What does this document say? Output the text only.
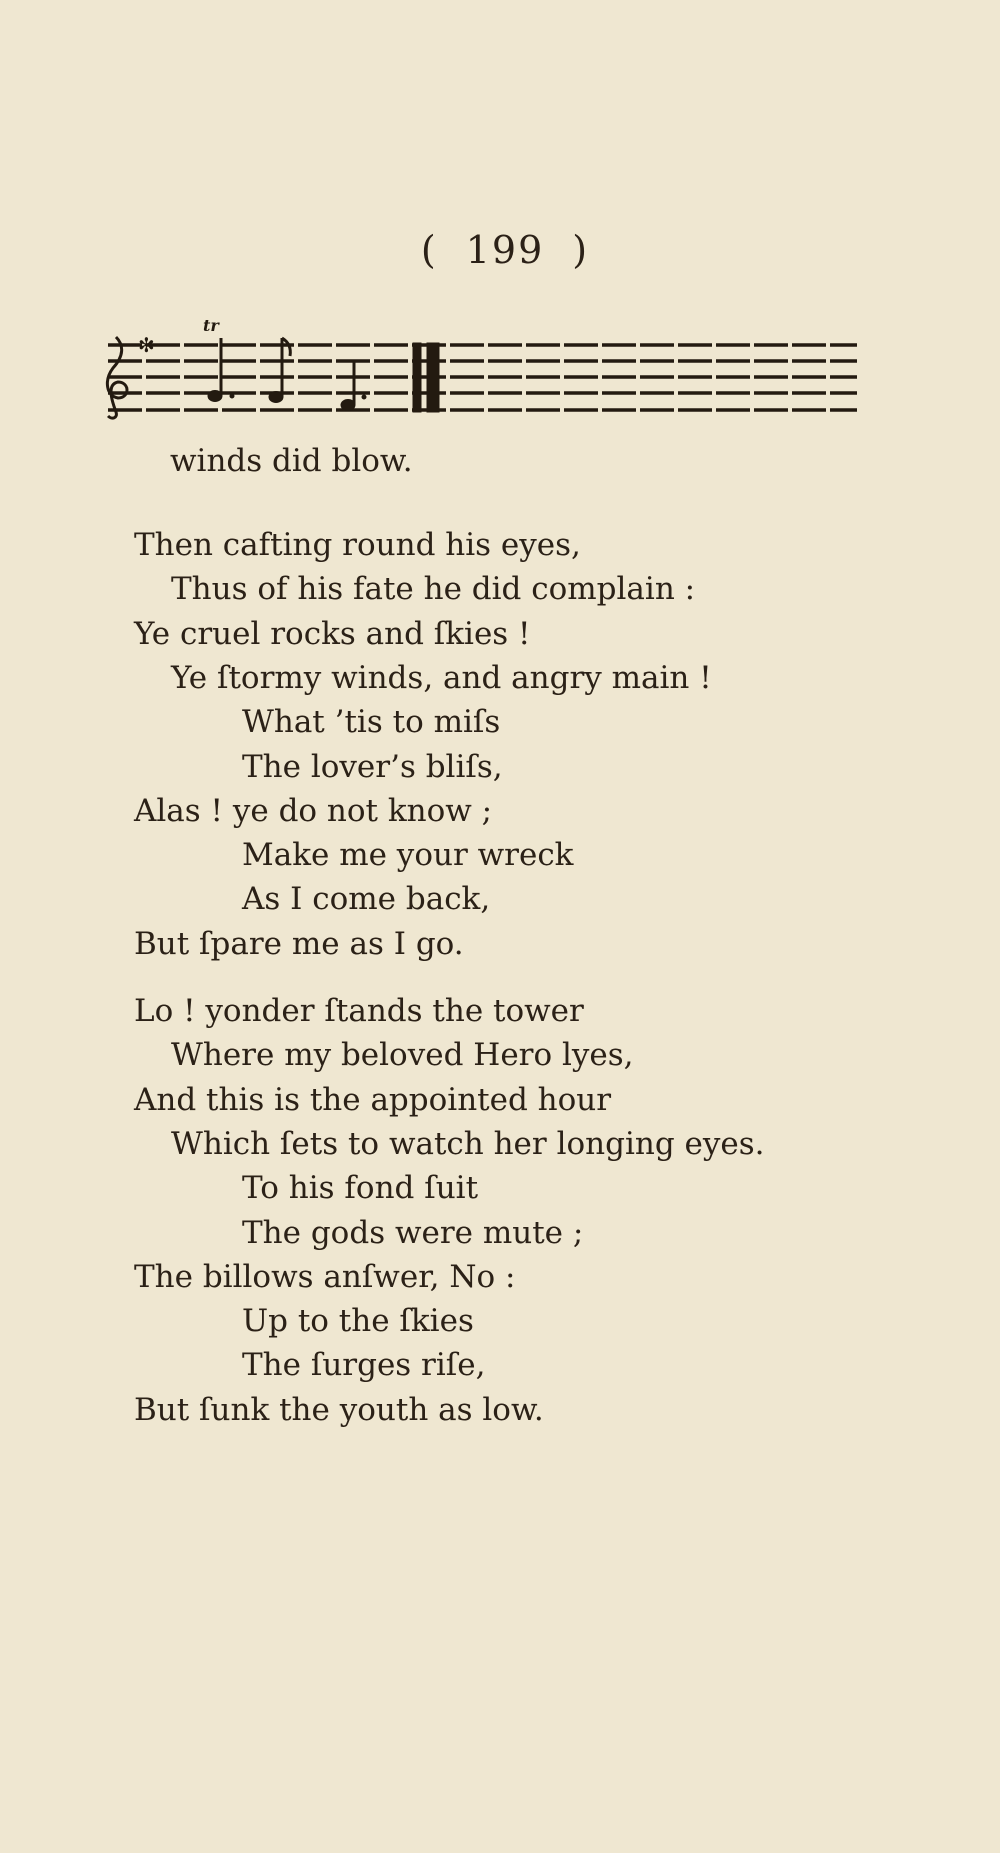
( 199 )
✻
tr
winds did blow.
Then cafting round his eyes,
Thus of his fate he did complain :
Ye cruel rocks and ſkies !
Ye ſtormy winds, and angry main !
What ’tis to miſs
The lover’s bliſs,
Alas ! ye do not know ;
Make me your wreck
As I come back,
But ſpare me as I go.
Lo ! yonder ſtands the tower
Where my beloved Hero lyes,
And this is the appointed hour
Which ſets to watch her longing eyes.
To his fond ſuit
The gods were mute ;
The billows anſwer, No :
Up to the ſkies
The ſurges riſe,
But ſunk the youth as low.
